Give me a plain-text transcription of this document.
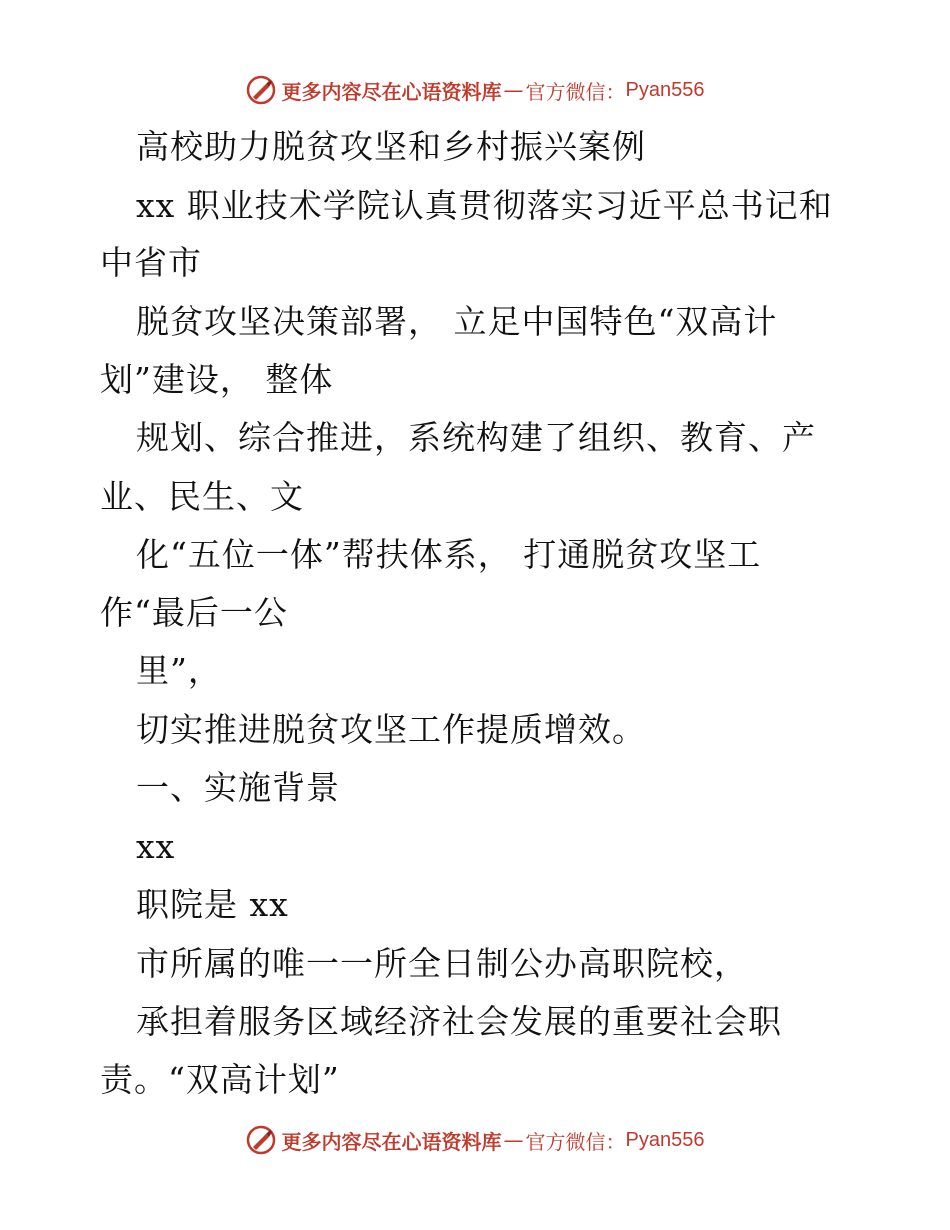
更多内容尽在心语资料库 — 官方微信： Pyan556
高校助力脱贫攻坚和乡村振兴案例
xx 职业技术学院认真贯彻落实习近平总书记和
中省市
脱贫攻坚决策部署， 立足中国特色“双高计
划”建设， 整体
规划、综合推进，系统构建了组织、教育、产
业、民生、文
化“五位一体”帮扶体系， 打通脱贫攻坚工
作“最后一公
里”，
切实推进脱贫攻坚工作提质增效。
一、实施背景
xx
职院是 xx
市所属的唯一一所全日制公办高职院校，
承担着服务区域经济社会发展的重要社会职
责。“双高计划”
更多内容尽在心语资料库 — 官方微信： Pyan556
